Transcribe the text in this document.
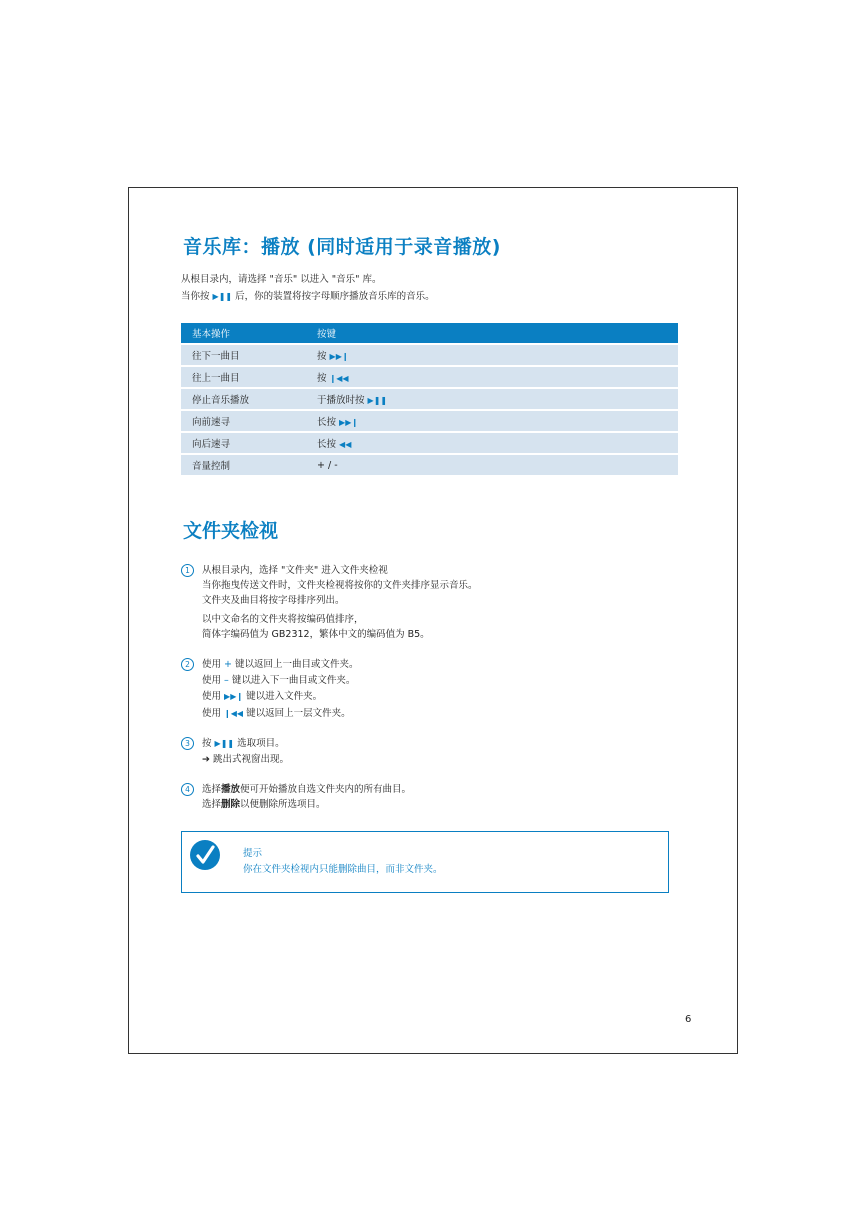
音乐库：播放 (同时适用于录音播放)
从根目录内，请选择 "音乐" 以进入 "音乐" 库。
当你按 ▶❚❚ 后，你的装置将按字母顺序播放音乐库的音乐。
基本操作	按键
往下一曲目	按 ▶▶❙
往上一曲目	按 ❙◀◀
停止音乐播放	于播放时按 ▶❚❚
向前速寻	长按 ▶▶❙
向后速寻	长按 ◀◀
音量控制	+ / -
文件夹检视
1	从根目录内，选择 "文件夹" 进入文件夹检视
当你拖曳传送文件时，文件夹检视将按你的文件夹排序显示音乐。
文件夹及曲目将按字母排序列出。
以中文命名的文件夹将按编码值排序，
简体字编码值为 GB2312，繁体中文的编码值为 B5。
2	使用 + 键以返回上一曲目或文件夹。
使用 – 键以进入下一曲目或文件夹。
使用 ▶▶❙ 键以进入文件夹。
使用 ❙◀◀ 键以返回上一层文件夹。
3	按 ▶❚❚ 选取项目。
➔ 跳出式视窗出现。
4	选择播放便可开始播放自选文件夹内的所有曲目。
选择删除以便删除所选项目。
提示
你在文件夹检视内只能删除曲目，而非文件夹。
6
